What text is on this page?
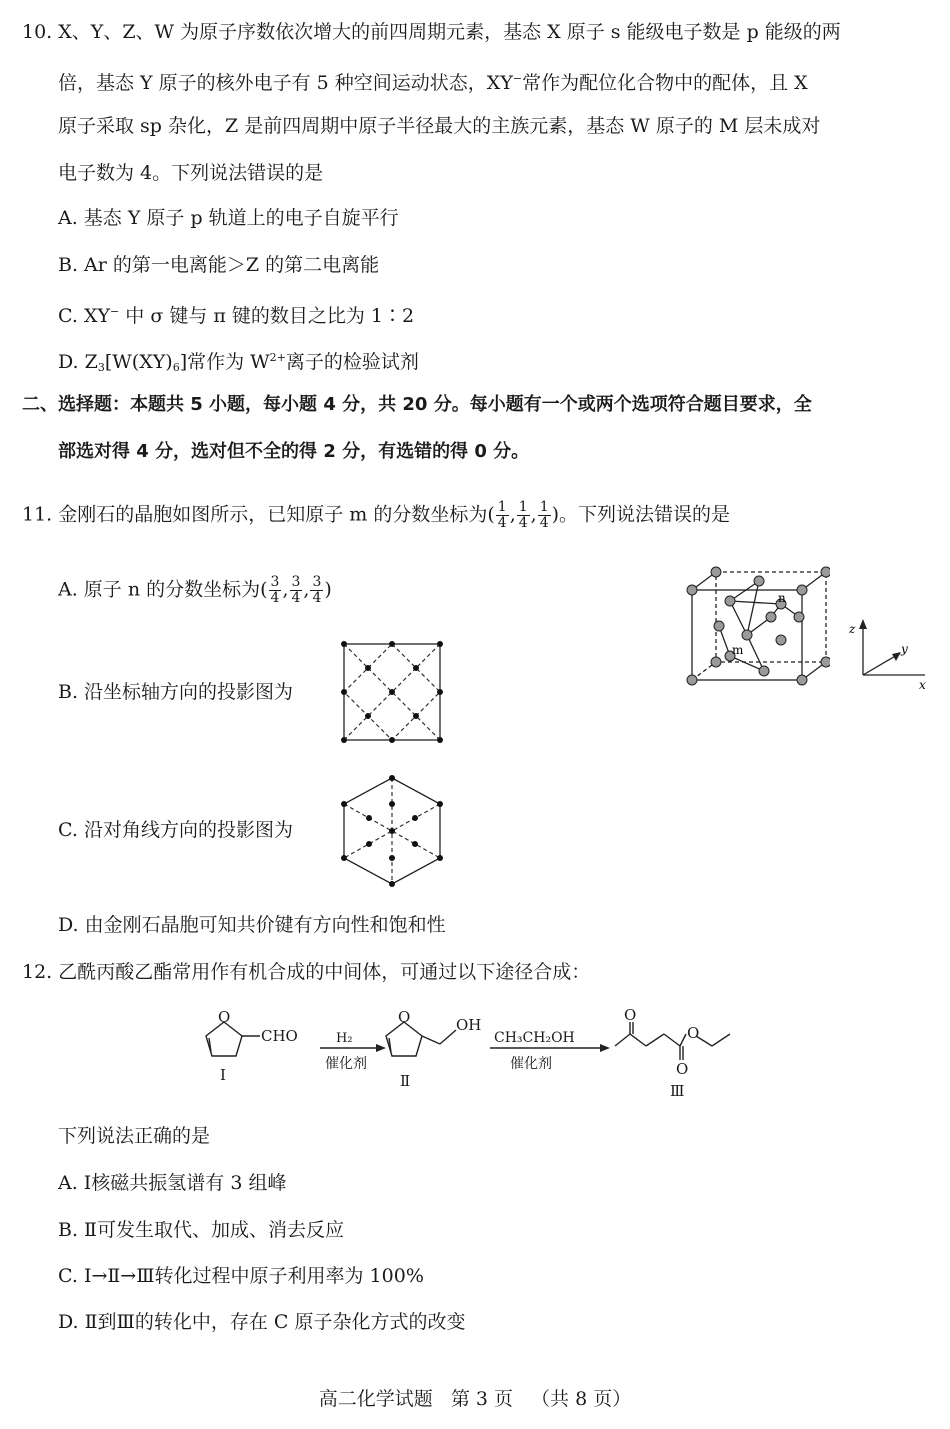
10. X、Y、Z、W 为原子序数依次增大的前四周期元素，基态 X 原子 s 能级电子数是 p 能级的两
倍，基态 Y 原子的核外电子有 5 种空间运动状态，XY−常作为配位化合物中的配体，且 X
原子采取 sp 杂化，Z 是前四周期中原子半径最大的主族元素，基态 W 原子的 M 层未成对
电子数为 4。下列说法错误的是
A. 基态 Y 原子 p 轨道上的电子自旋平行
B. Ar 的第一电离能＞Z 的第二电离能
C. XY− 中 σ 键与 π 键的数目之比为 1∶2
D. $Z_3[W(XY)_6]$常作为 $W^{2+}$离子的检验试剂
二、选择题：本题共 5 小题，每小题 4 分，共 20 分。每小题有一个或两个选项符合题目要求，全
部选对得 4 分，选对但不全的得 2 分，有选错的得 0 分。
11. 金刚石的晶胞如图所示，已知原子 m 的分数坐标为( $\frac{1}{4}$ , $\frac{1}{4}$ , $\frac{1}{4}$ )。下列说法错误的是
A. 原子 n 的分数坐标为( $\frac{3}{4}$ , $\frac{3}{4}$ , $\frac{3}{4}$ )	n
m
z
y
x
B. 沿坐标轴方向的投影图为
C. 沿对角线方向的投影图为
D. 由金刚石晶胞可知共价键有方向性和饱和性
12. 乙酰丙酸乙酯常用作有机合成的中间体，可通过以下途径合成：
O
CHO
Ⅰ
H₂
催化剂
O	OH
Ⅱ
CH₃CH₂OH
催化剂
O
O
O
Ⅲ
下列说法正确的是
A. Ⅰ核磁共振氢谱有 3 组峰
B. Ⅱ可发生取代、加成、消去反应
C. Ⅰ→Ⅱ→Ⅲ转化过程中原子利用率为 100%
D. Ⅱ到Ⅲ的转化中，存在 C 原子杂化方式的改变
高二化学试题 第 3 页 （共 8 页）
